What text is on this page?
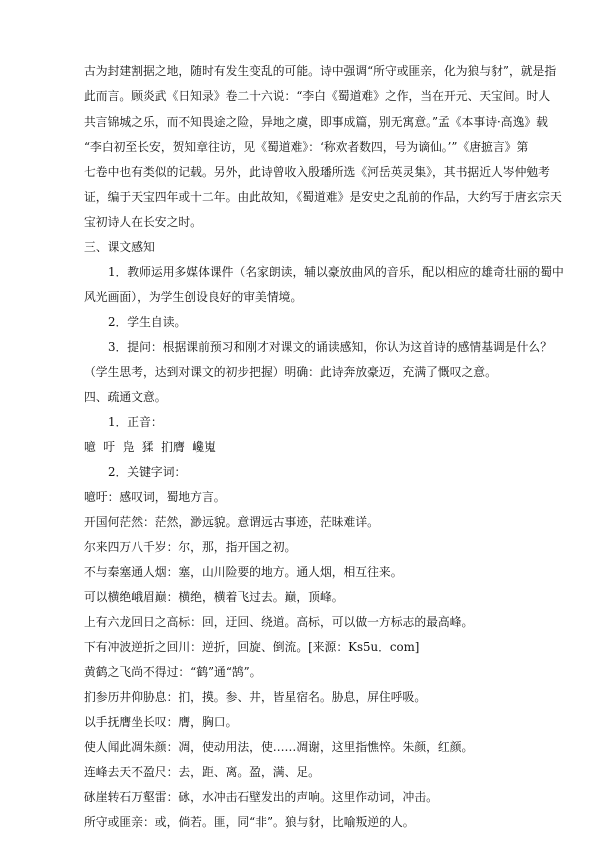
古为封建割据之地，随时有发生变乱的可能。诗中强调“所守或匪亲，化为狼与豺”，就是指
此而言。顾炎武《日知录》卷二十六说：“李白《蜀道难》之作，当在开元、天宝间。时人
共言锦城之乐，而不知畏途之险，异地之虞，即事成篇，别无寓意。”孟《本事诗·高逸》载
“李白初至长安，贺知章往访，见《蜀道难》：‘称欢者数四，号为谪仙。’”《唐摭言》第
七卷中也有类似的记载。另外，此诗曾收入殷璠所选《河岳英灵集》，其书据近人岑仲勉考
证，编于天宝四年或十二年。由此故知，《蜀道难》是安史之乱前的作品，大约写于唐玄宗天
宝初诗人在长安之时。
三、课文感知
1．教师运用多媒体课件（名家朗读，辅以豪放曲风的音乐，配以相应的雄奇壮丽的蜀中
风光画面），为学生创设良好的审美情境。
2．学生自读。
3．提问：根据课前预习和刚才对课文的诵读感知，你认为这首诗的感情基调是什么？
（学生思考，达到对课文的初步把握）明确：此诗奔放豪迈，充满了慨叹之意。
四、疏通文意。
1．正音：
噫  吁  凫  猱  扪膺  巉嵬
2．关键字词：
噫吁：感叹词，蜀地方言。
开国何茫然：茫然，渺远貌。意谓远古事迹，茫昧难详。
尔来四万八千岁：尔，那，指开国之初。
不与秦塞通人烟：塞，山川险要的地方。通人烟，相互往来。
可以横绝峨眉巅：横绝，横着飞过去。巅，顶峰。
上有六龙回日之高标：回，迂回、绕道。高标，可以做一方标志的最高峰。
下有冲波逆折之回川：逆折，回旋、倒流。[来源：Ks5u．com]
黄鹤之飞尚不得过：“鹤”通“鹄”。
扪参历井仰胁息：扪，摸。参、井，皆星宿名。胁息，屏住呼吸。
以手抚膺坐长叹：膺，胸口。
使人闻此凋朱颜：凋，使动用法，使……凋谢，这里指憔悴。朱颜，红颜。
连峰去天不盈尺：去，距、离。盈，满、足。
砯崖转石万壑雷：砯，水冲击石壁发出的声响。这里作动词，冲击。
所守或匪亲：或，倘若。匪，同“非”。狼与豺，比喻叛逆的人。
